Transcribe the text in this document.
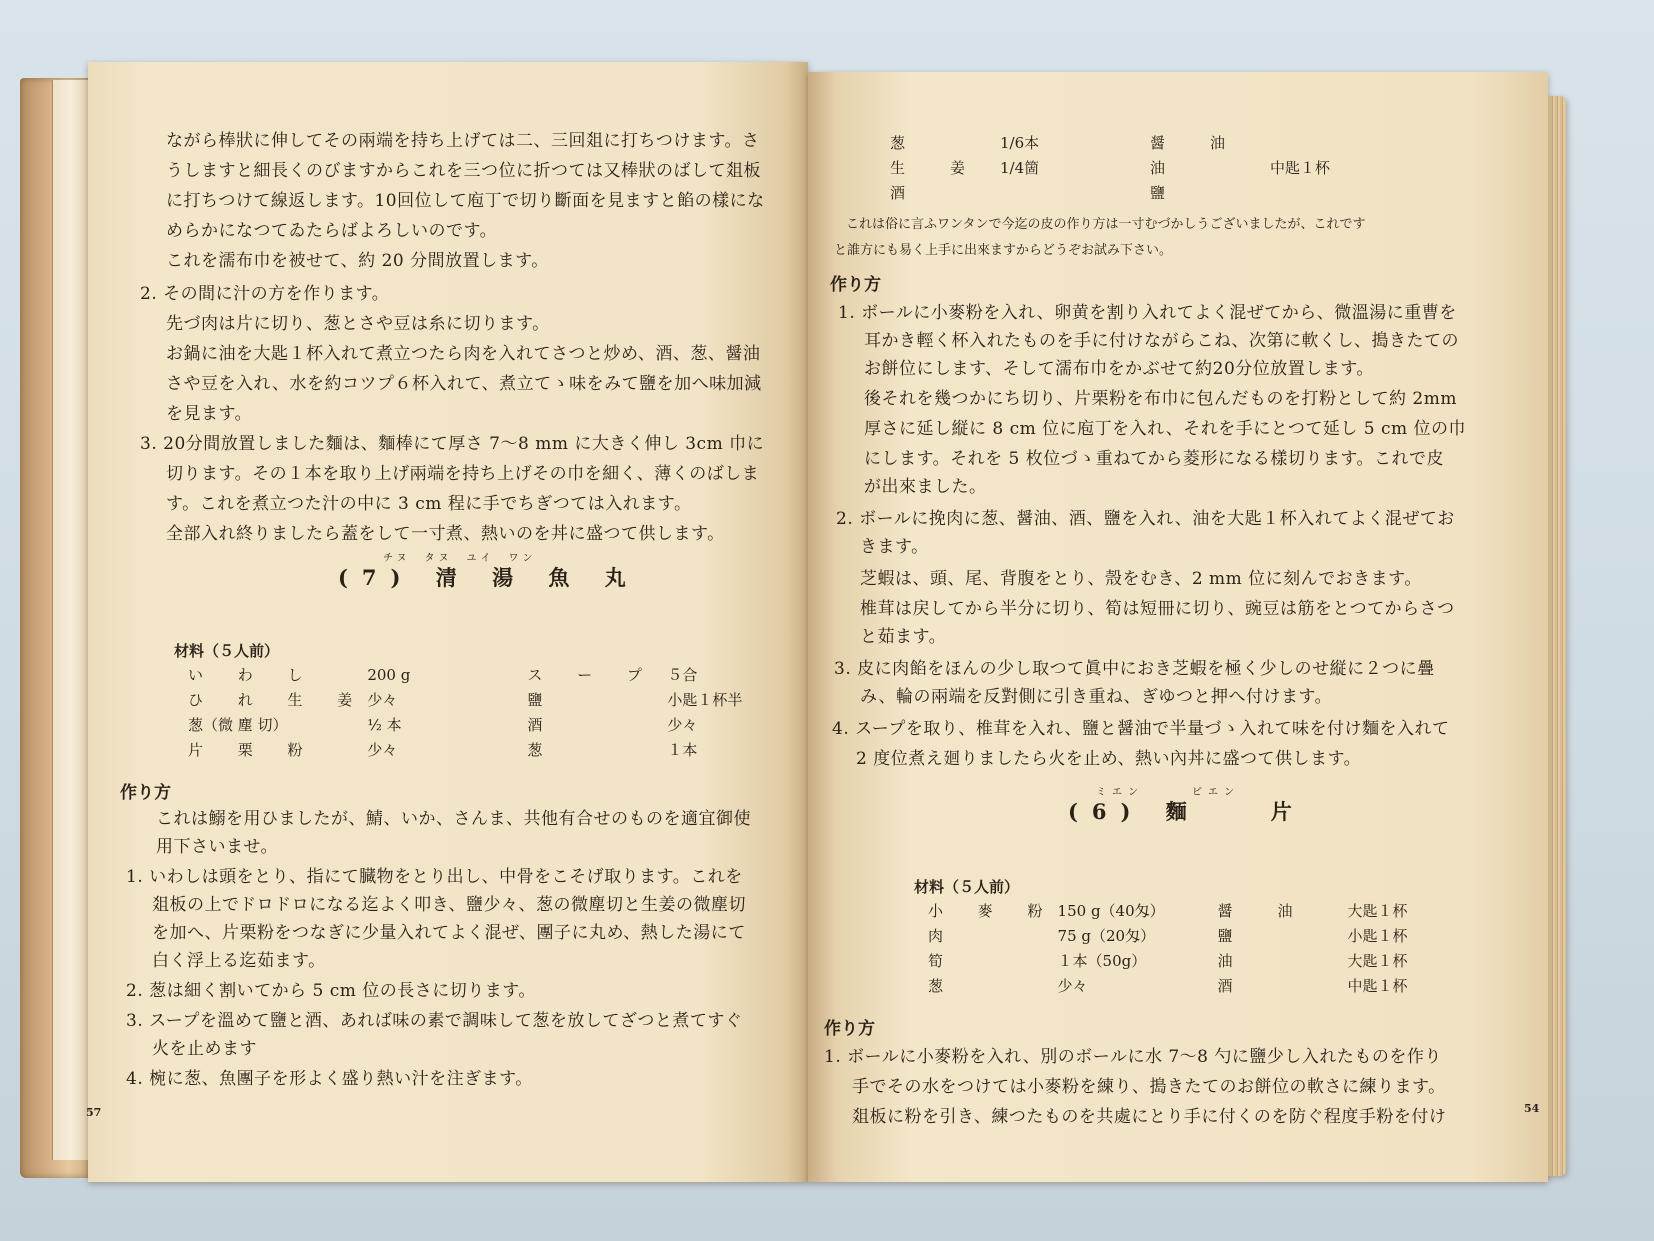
ながら棒狀に伸してその兩端を持ち上げては二、三回爼に打ちつけます。さ
うしますと細長くのびますからこれを三つ位に折つては又棒狀のばして爼板
に打ちつけて線返します。10回位して庖丁で切り斷面を見ますと餡の樣にな
めらかになつてゐたらばよろしいのです。
これを濡布巾を被せて、約 20 分間放置します。
2. その間に汁の方を作ります。
先づ肉は片に切り、葱とさや豆は糸に切ります。
お鍋に油を大匙１杯入れて煮立つたら肉を入れてさつと炒め、酒、葱、醤油
さや豆を入れ、水を約コツプ６杯入れて、煮立てゝ味をみて鹽を加へ味加減
を見ます。
3. 20分間放置しました麵は、麵棒にて厚さ 7～8 mm に大きく伸し 3cm 巾に
切ります。その１本を取り上げ兩端を持ち上げその巾を細く、薄くのばしま
す。これを煮立つた汁の中に 3 cm 程に手でちぎつては入れます。
全部入れ終りましたら蓋をして一寸煮、熱いのを丼に盛つて供します。
チヌ　タヌ　ユイ　ワン
(7) 清 湯 魚 丸
材料（５人前）
い わ し	200 g	ス ー プ	５合
ひ れ 生 姜	少々	鹽	小匙１杯半
葱（微 塵 切）	½ 本	酒	少々
片 栗 粉	少々	葱	１本
作り方
これは鰯を用ひましたが、鯖、いか、さんま、共他有合せのものを適宜御使
用下さいませ。
1. いわしは頭をとり、指にて臓物をとり出し、中骨をこそげ取ります。これを
爼板の上でドロドロになる迄よく叩き、鹽少々、葱の微塵切と生姜の微塵切
を加へ、片栗粉をつなぎに少量入れてよく混ぜ、團子に丸め、熱した湯にて
白く浮上る迄茹ます。
2. 葱は細く割いてから 5 cm 位の長さに切ります。
3. スープを溫めて鹽と酒、あれば味の素で調味して葱を放してざつと煮てすぐ
火を止めます
4. 椀に葱、魚團子を形よく盛り熱い汁を注ぎます。
57
葱	1/6本	醤　　　油	
生　　　姜	1/4箇	油	中匙１杯
酒		鹽	
これは俗に言ふワンタンで今迄の皮の作り方は一寸むづかしうございましたが、これです
と誰方にも易く上手に出來ますからどうぞお試み下さい。
作り方
1. ボールに小麥粉を入れ、卵黄を割り入れてよく混ぜてから、微溫湯に重曹を
耳かき輕く杯入れたものを手に付けながらこね、次第に軟くし、搗きたての
お餅位にします、そして濡布巾をかぶせて約20分位放置します。
後それを幾つかにち切り、片栗粉を布巾に包んだものを打粉として約 2mm
厚さに延し縦に 8 cm 位に庖丁を入れ、それを手にとつて延し 5 cm 位の巾
にします。それを 5 枚位づゝ重ねてから菱形になる樣切ります。これで皮
が出來ました。
2. ボールに挽肉に葱、醤油、酒、鹽を入れ、油を大匙１杯入れてよく混ぜてお
きます。
芝蝦は、頭、尾、背腹をとり、殼をむき、2 mm 位に刻んでおきます。
椎茸は戻してから半分に切り、筍は短冊に切り、豌豆は筋をとつてからさつ
と茹ます。
3. 皮に肉餡をほんの少し取つて眞中におき芝蝦を極く少しのせ縦に２つに疊
み、輪の兩端を反對側に引き重ね、ぎゆつと押へ付けます。
4. スープを取り、椎茸を入れ、鹽と醤油で半量づゝ入れて味を付け麵を入れて
2 度位煮え廻りましたら火を止め、熱い內丼に盛つて供します。
ミエン　　　ピエン
(6) 麵　　片
材料（５人前）
小 麥 粉	150 g（40匁）	醤　　　油	大匙１杯
肉	75 g（20匁）	鹽	小匙１杯
筍	１本（50g）	油	大匙１杯
葱	少々	酒	中匙１杯
作り方
1. ボールに小麥粉を入れ、別のボールに水 7～8 勺に鹽少し入れたものを作り
手でその水をつけては小麥粉を練り、搗きたてのお餅位の軟さに練ります。
爼板に粉を引き、練つたものを共處にとり手に付くのを防ぐ程度手粉を付け	54
